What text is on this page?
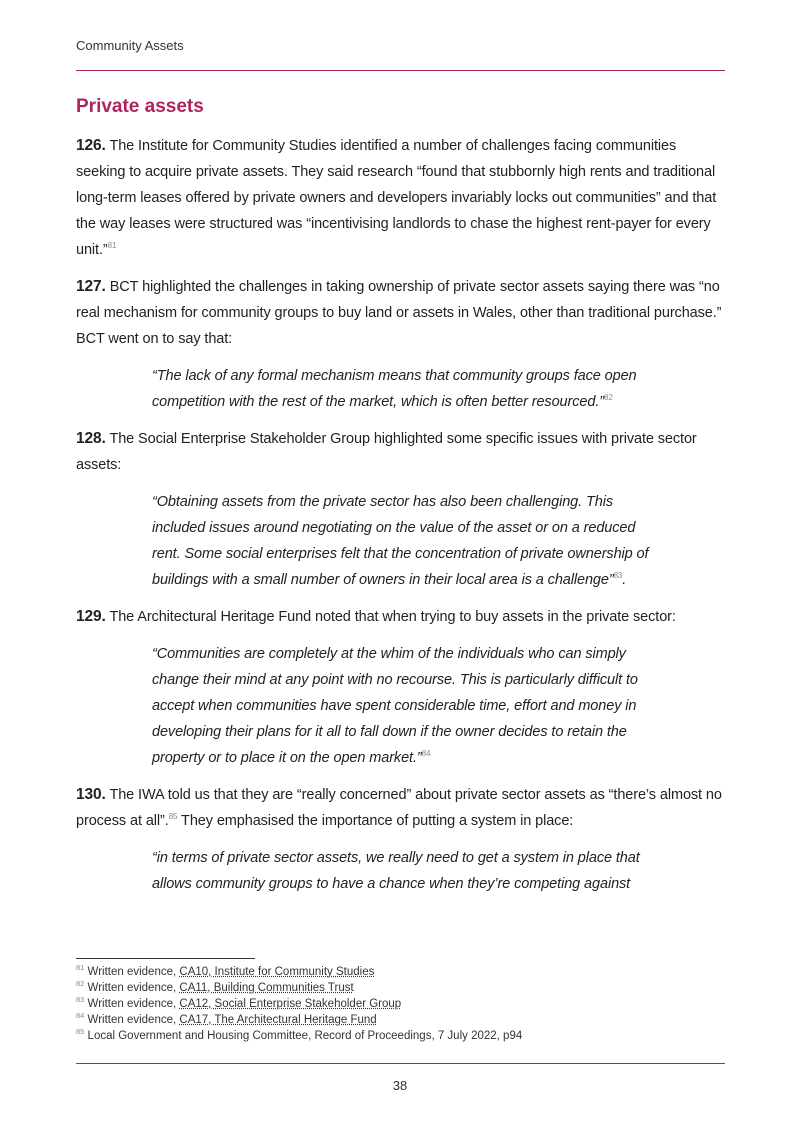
Community Assets
Private assets

126. The Institute for Community Studies identified a number of challenges facing communities seeking to acquire private assets. They said research “found that stubbornly high rents and traditional long-term leases offered by private owners and developers invariably locks out communities” and that the way leases were structured was “incentivising landlords to chase the highest rent-payer for every unit.”$^{81}$

127. BCT highlighted the challenges in taking ownership of private sector assets saying there was “no real mechanism for community groups to buy land or assets in Wales, other than traditional purchase.” BCT went on to say that:

“The lack of any formal mechanism means that community groups face open competition with the rest of the market, which is often better resourced.”$^{82}$

128. The Social Enterprise Stakeholder Group highlighted some specific issues with private sector assets:

“Obtaining assets from the private sector has also been challenging. This included issues around negotiating on the value of the asset or on a reduced rent. Some social enterprises felt that the concentration of private ownership of buildings with a small number of owners in their local area is a challenge”$^{83}$.

129. The Architectural Heritage Fund noted that when trying to buy assets in the private sector:

“Communities are completely at the whim of the individuals who can simply change their mind at any point with no recourse. This is particularly difficult to accept when communities have spent considerable time, effort and money in developing their plans for it all to fall down if the owner decides to retain the property or to place it on the open market.”$^{84}$

130. The IWA told us that they are “really concerned” about private sector assets as “there’s almost no process at all”.$^{85}$ They emphasised the importance of putting a system in place:

“in terms of private sector assets, we really need to get a system in place that allows community groups to have a chance when they’re competing against

$^{81}$ Written evidence, CA10, Institute for Community Studies
$^{82}$ Written evidence, CA11, Building Communities Trust
$^{83}$ Written evidence, CA12, Social Enterprise Stakeholder Group
$^{84}$ Written evidence, CA17, The Architectural Heritage Fund
$^{85}$ Local Government and Housing Committee, Record of Proceedings, 7 July 2022, p94
38
